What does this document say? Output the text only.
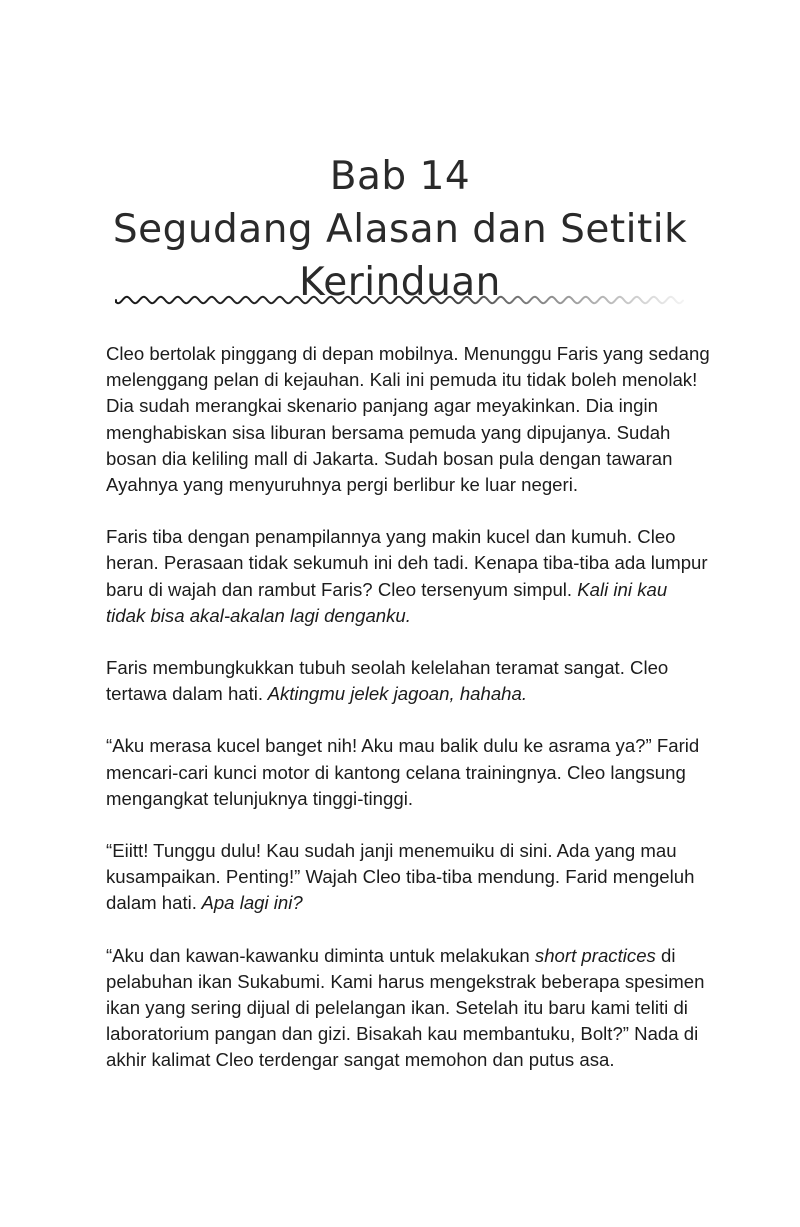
Bab 14
Segudang Alasan dan Setitik
Kerinduan

Cleo bertolak pinggang di depan mobilnya. Menunggu Faris yang sedang
melenggang pelan di kejauhan. Kali ini pemuda itu tidak boleh menolak!
Dia sudah merangkai skenario panjang agar meyakinkan. Dia ingin
menghabiskan sisa liburan bersama pemuda yang dipujanya. Sudah
bosan dia keliling mall di Jakarta. Sudah bosan pula dengan tawaran
Ayahnya yang menyuruhnya pergi berlibur ke luar negeri.

Faris tiba dengan penampilannya yang makin kucel dan kumuh. Cleo
heran. Perasaan tidak sekumuh ini deh tadi. Kenapa tiba-tiba ada lumpur
baru di wajah dan rambut Faris? Cleo tersenyum simpul. Kali ini kau
tidak bisa akal-akalan lagi denganku.

Faris membungkukkan tubuh seolah kelelahan teramat sangat. Cleo
tertawa dalam hati. Aktingmu jelek jagoan, hahaha.

“Aku merasa kucel banget nih! Aku mau balik dulu ke asrama ya?” Farid
mencari-cari kunci motor di kantong celana trainingnya. Cleo langsung
mengangkat telunjuknya tinggi-tinggi.

“Eiitt! Tunggu dulu! Kau sudah janji menemuiku di sini. Ada yang mau
kusampaikan. Penting!” Wajah Cleo tiba-tiba mendung. Farid mengeluh
dalam hati. Apa lagi ini?

“Aku dan kawan-kawanku diminta untuk melakukan short practices di
pelabuhan ikan Sukabumi. Kami harus mengekstrak beberapa spesimen
ikan yang sering dijual di pelelangan ikan. Setelah itu baru kami teliti di
laboratorium pangan dan gizi. Bisakah kau membantuku, Bolt?” Nada di
akhir kalimat Cleo terdengar sangat memohon dan putus asa.
